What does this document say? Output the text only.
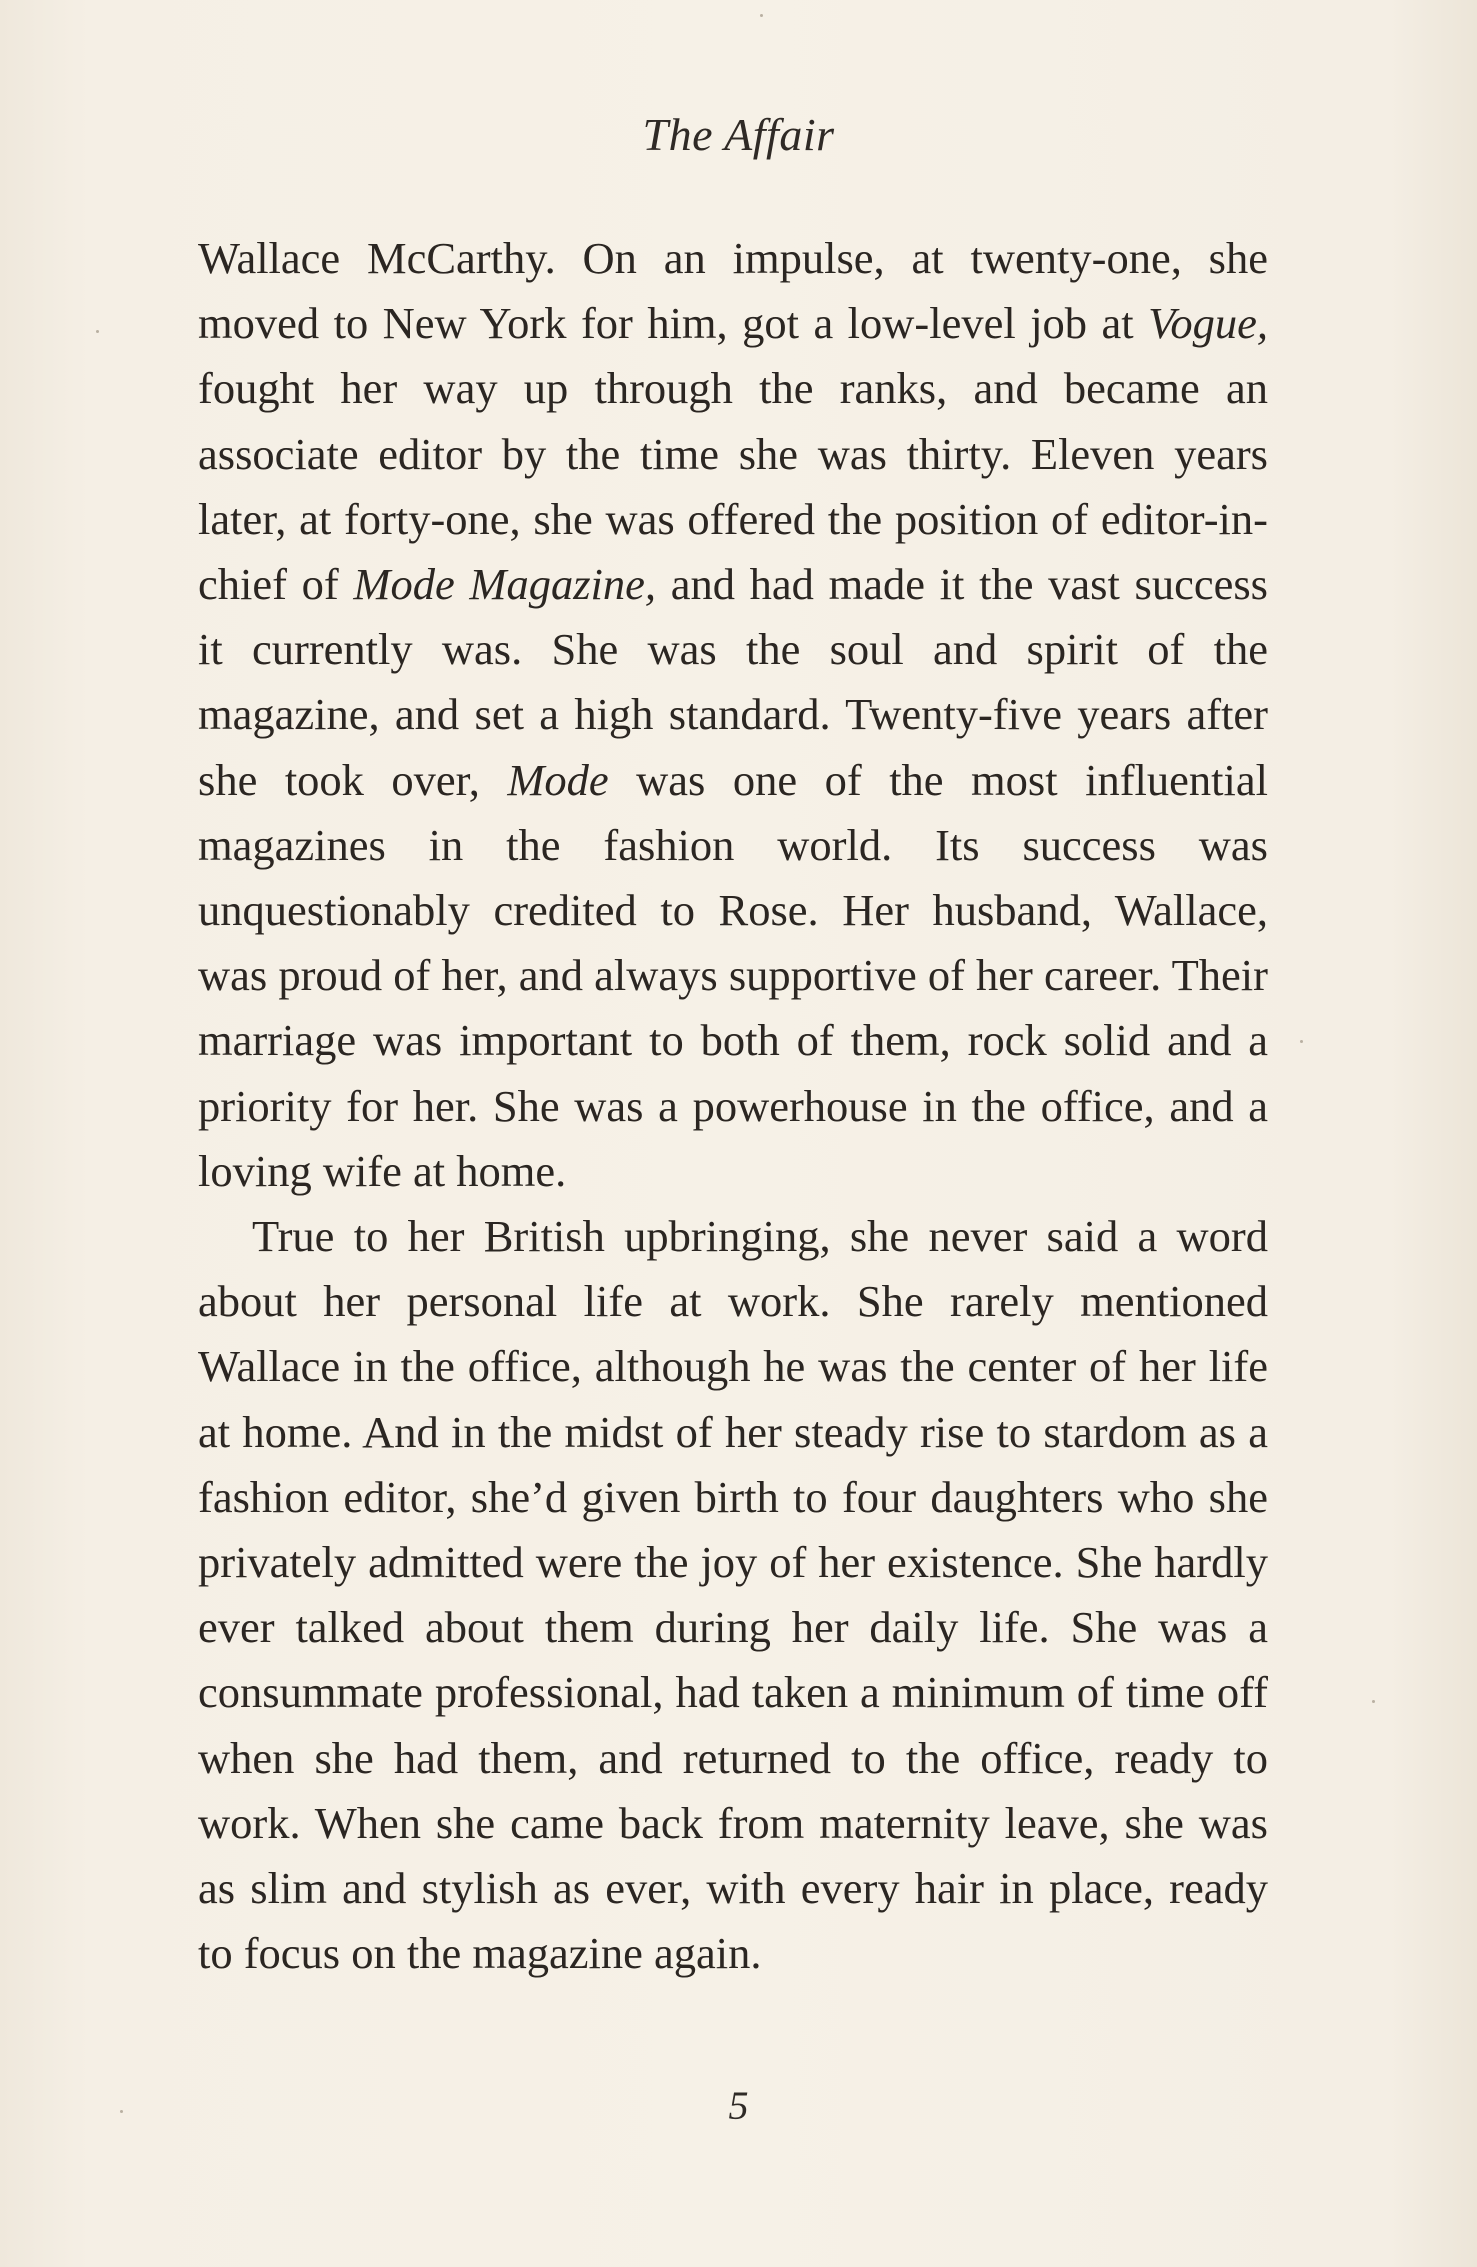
The Affair

Wallace McCarthy. On an impulse, at twenty-one, she moved to New York for him, got a low-level job at Vogue, fought her way up through the ranks, and became an associate editor by the time she was thirty. Eleven years later, at forty-one, she was offered the position of editor-in-chief of Mode Magazine, and had made it the vast success it currently was. She was the soul and spirit of the magazine, and set a high standard. Twenty-five years after she took over, Mode was one of the most influential magazines in the fashion world. Its success was unquestionably credited to Rose. Her husband, Wallace, was proud of her, and always supportive of her career. Their marriage was important to both of them, rock solid and a priority for her. She was a powerhouse in the office, and a loving wife at home.

True to her British upbringing, she never said a word about her personal life at work. She rarely mentioned Wallace in the office, although he was the center of her life at home. And in the midst of her steady rise to stardom as a fashion editor, she’d given birth to four daughters who she privately admitted were the joy of her existence. She hardly ever talked about them during her daily life. She was a consummate professional, had taken a minimum of time off when she had them, and returned to the office, ready to work. When she came back from maternity leave, she was as slim and stylish as ever, with every hair in place, ready to focus on the magazine again.

5
